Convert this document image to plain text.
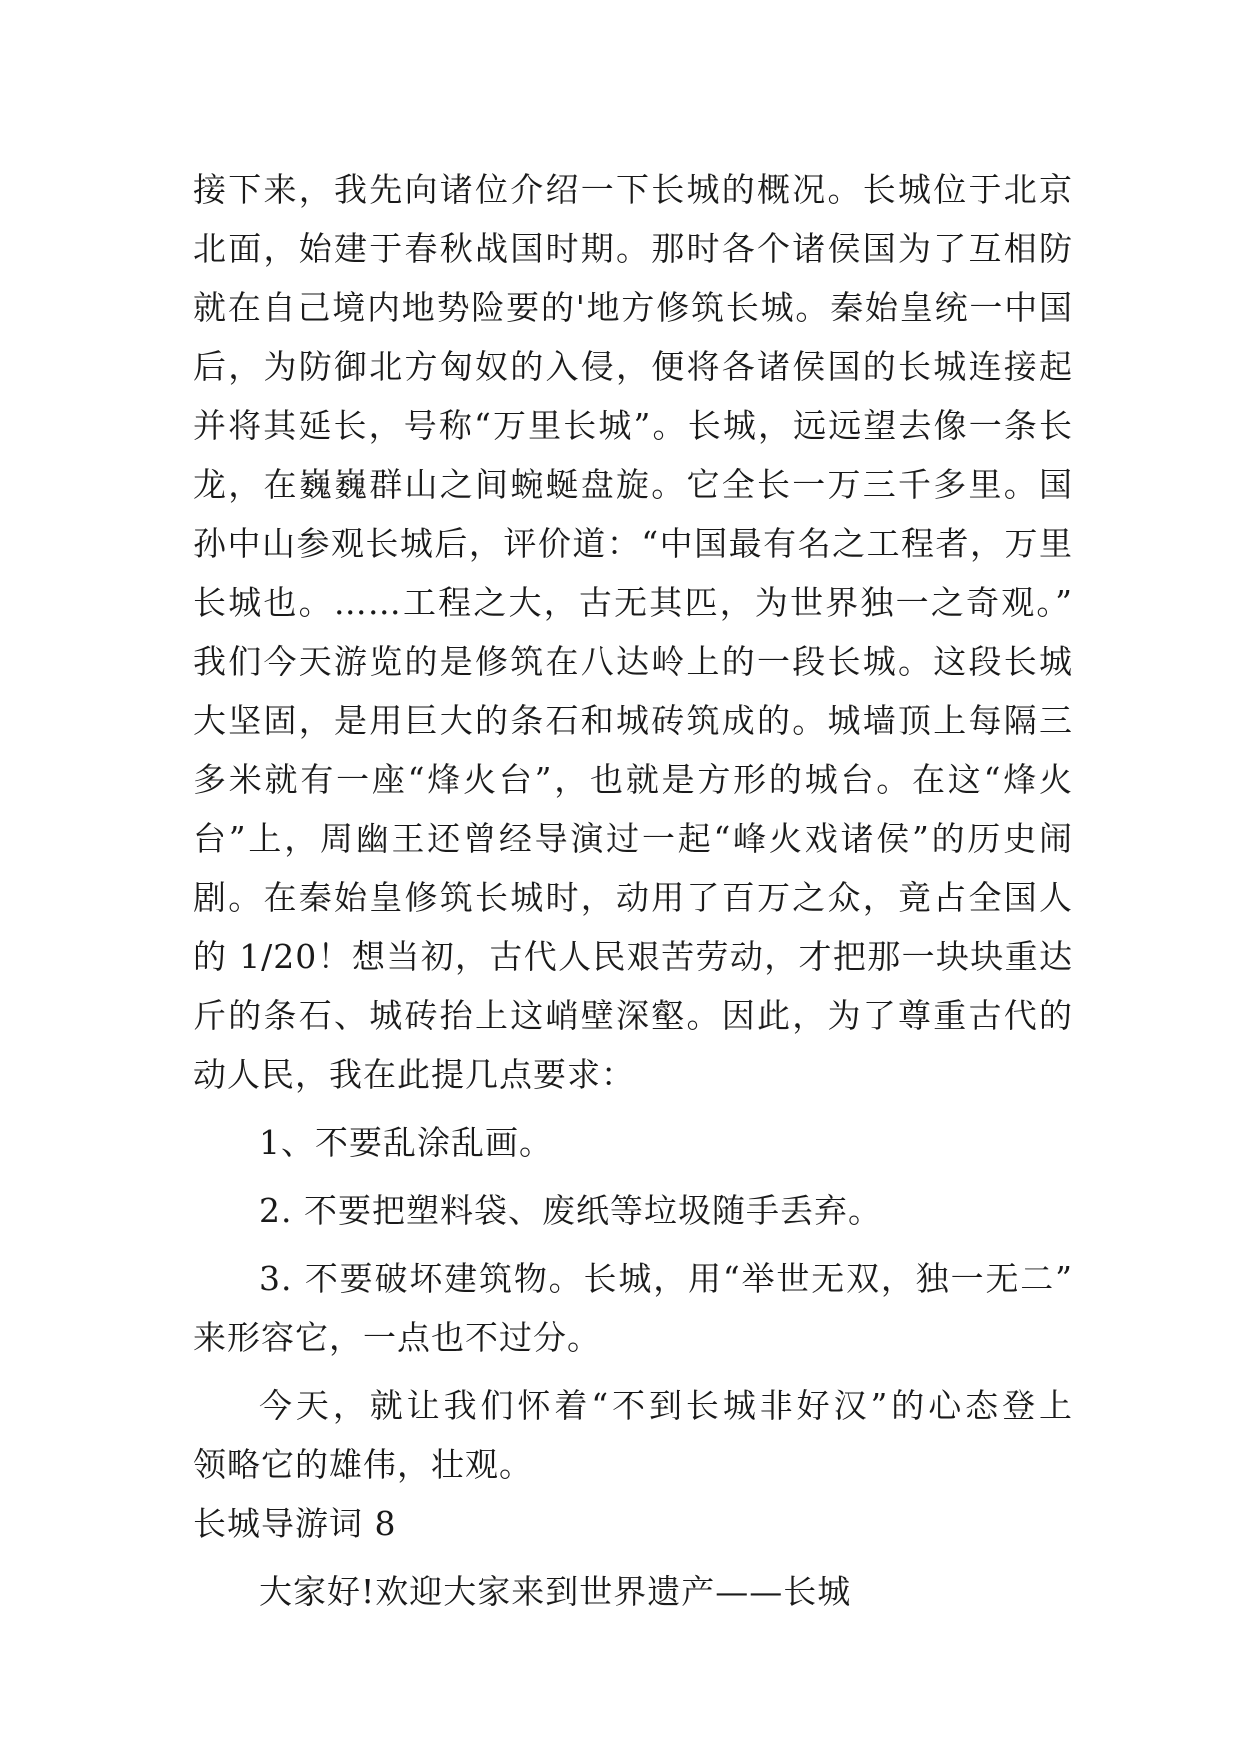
接下来，我先向诸位介绍一下长城的概况。长城位于北京
北面，始建于春秋战国时期。那时各个诸侯国为了互相防
就在自己境内地势险要的'地方修筑长城。秦始皇统一中国
后，为防御北方匈奴的入侵，便将各诸侯国的长城连接起
并将其延长，号称“万里长城”。长城，远远望去像一条长
龙，在巍巍群山之间蜿蜒盘旋。它全长一万三千多里。国
孙中山参观长城后，评价道：“中国最有名之工程者，万里
长城也。……工程之大，古无其匹，为世界独一之奇观。”
我们今天游览的是修筑在八达岭上的一段长城。这段长城
大坚固，是用巨大的条石和城砖筑成的。城墙顶上每隔三
多米就有一座“烽火台”，也就是方形的城台。在这“烽火
台”上，周幽王还曾经导演过一起“峰火戏诸侯”的历史闹
剧。在秦始皇修筑长城时，动用了百万之众，竟占全国人
的 1/20！想当初，古代人民艰苦劳动，才把那一块块重达
斤的条石、城砖抬上这峭壁深壑。因此，为了尊重古代的
动人民，我在此提几点要求：
1、不要乱涂乱画。
2. 不要把塑料袋、废纸等垃圾随手丢弃。
3. 不要破坏建筑物。长城，用“举世无双，独一无二”
来形容它，一点也不过分。
今天，就让我们怀着“不到长城非好汉”的心态登上
领略它的雄伟，壮观。
长城导游词 8
大家好!欢迎大家来到世界遗产——长城
